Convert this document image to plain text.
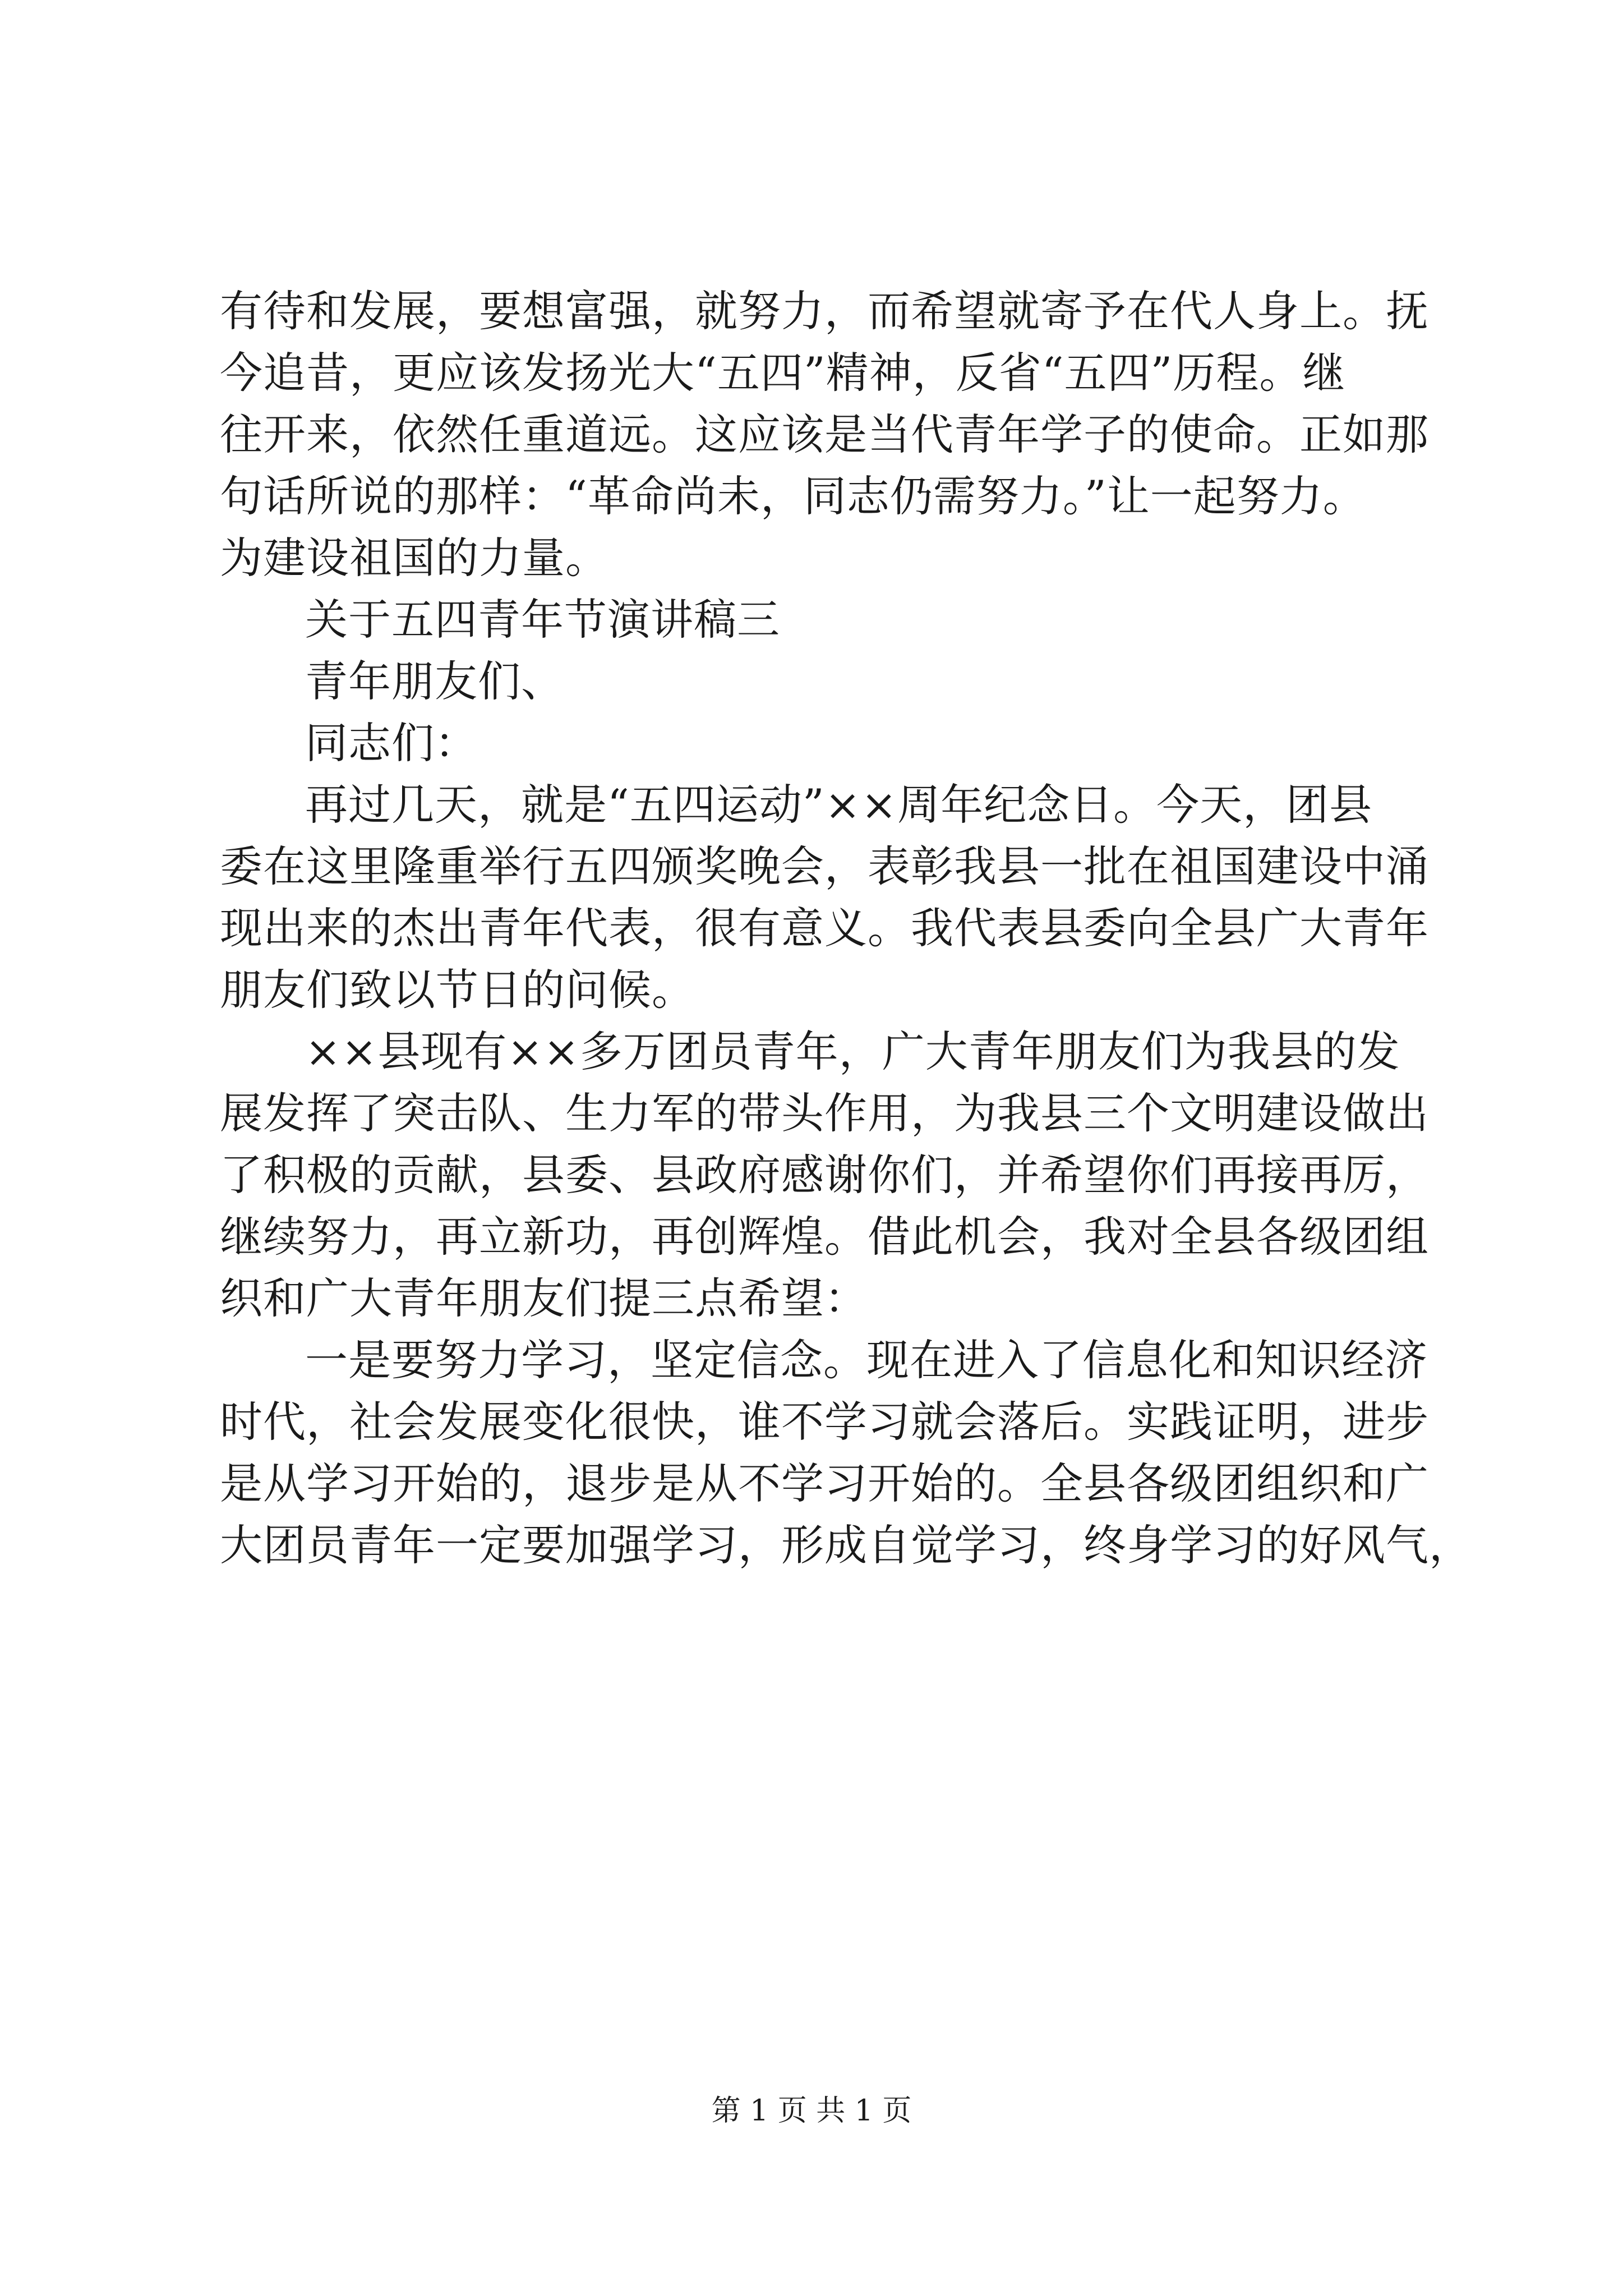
有待和发展，要想富强，就努力，而希望就寄予在代人身上。抚
今追昔，更应该发扬光大“五四”精神，反省“五四”历程。继
往开来，依然任重道远。这应该是当代青年学子的使命。正如那
句话所说的那样：“革命尚未，同志仍需努力。”让一起努力。
为建设祖国的力量。
关于五四青年节演讲稿三
青年朋友们、
同志们：
再过几天，就是“五四运动”××周年纪念日。今天，团县
委在这里隆重举行五四颁奖晚会，表彰我县一批在祖国建设中涌
现出来的杰出青年代表，很有意义。我代表县委向全县广大青年
朋友们致以节日的问候。
××县现有××多万团员青年，广大青年朋友们为我县的发
展发挥了突击队、生力军的带头作用，为我县三个文明建设做出
了积极的贡献，县委、县政府感谢你们，并希望你们再接再厉，
继续努力，再立新功，再创辉煌。借此机会，我对全县各级团组
织和广大青年朋友们提三点希望：
一是要努力学习，坚定信念。现在进入了信息化和知识经济
时代，社会发展变化很快，谁不学习就会落后。实践证明，进步
是从学习开始的，退步是从不学习开始的。全县各级团组织和广
大团员青年一定要加强学习，形成自觉学习，终身学习的好风气，
第 1 页 共 1 页
